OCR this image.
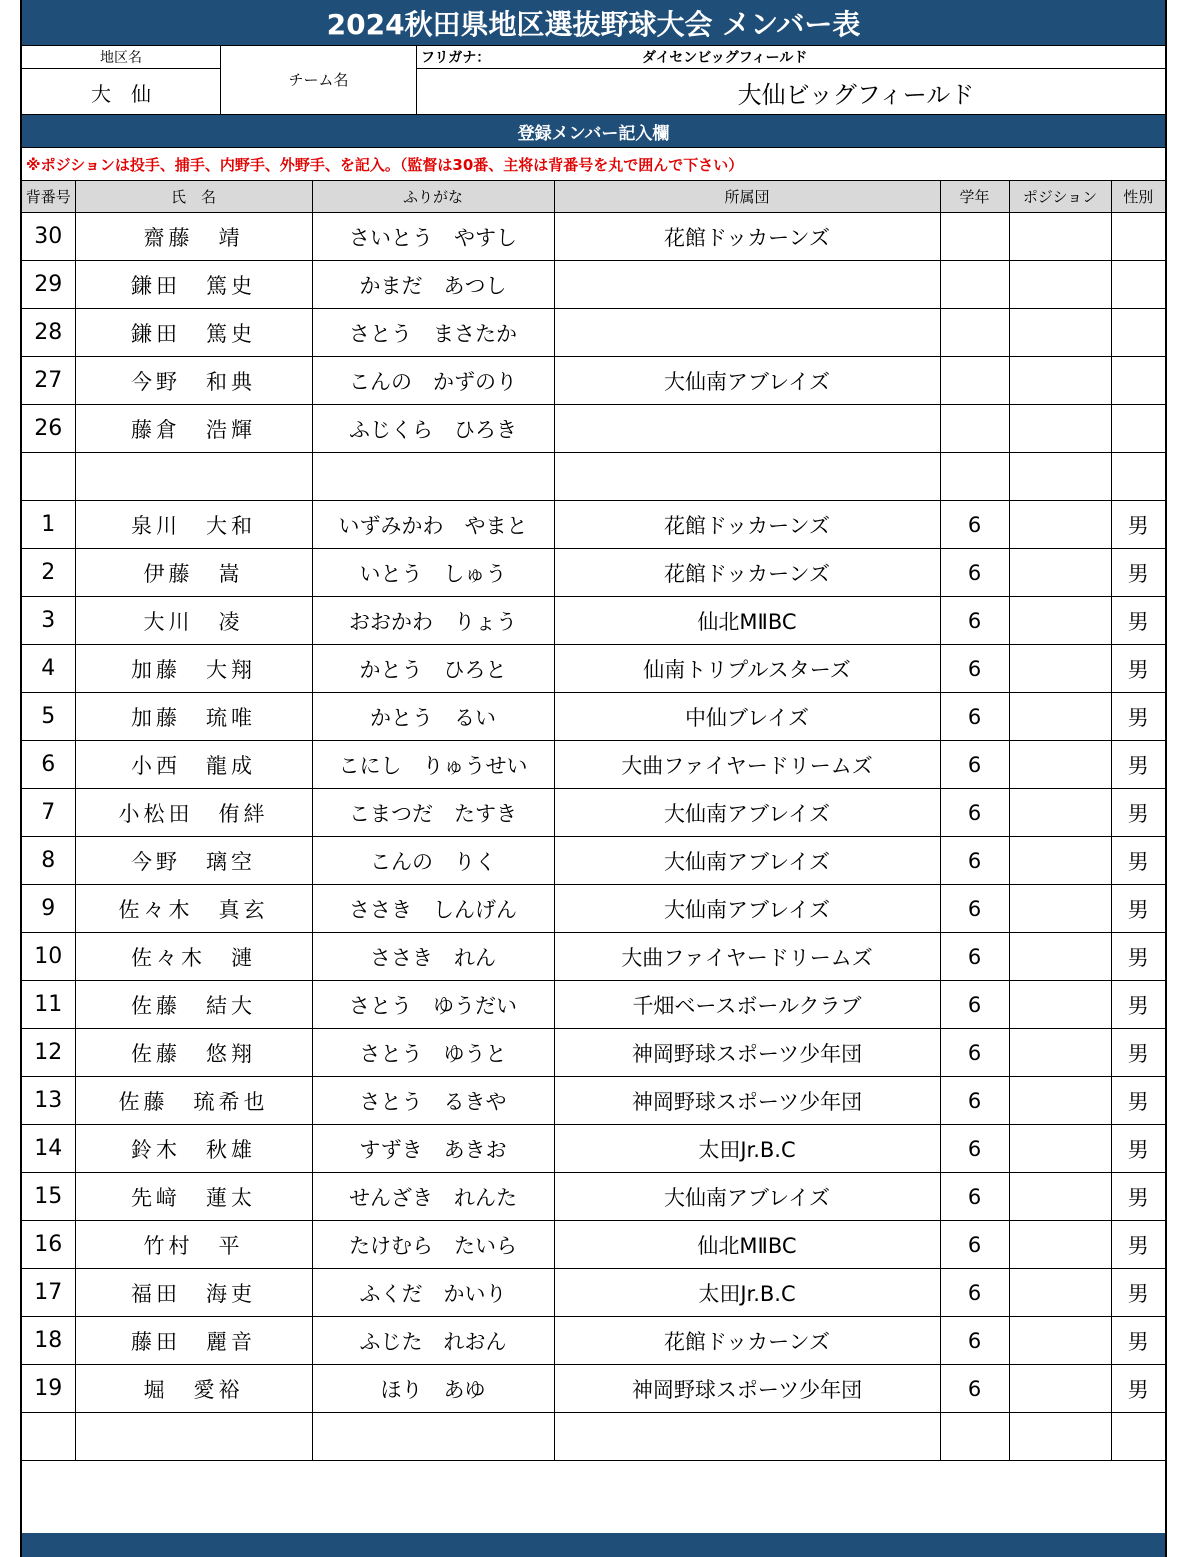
2024秋田県地区選抜野球大会 メンバー表
地区名
大　仙
チーム名
フリガナ：	ダイセンビッグフィールド
大仙ビッグフィールド
登録メンバー記入欄
※ポジションは投手、捕手、内野手、外野手、を記入。（監督は30番、主将は背番号を丸で囲んで下さい）
背番号	氏　名	ふりがな	所属団	学年	ポジション	性別
30	齋藤　靖	さいとう　やすし	花館ドッカーンズ			
29	鎌田　篤史	かまだ　あつし				
28	鎌田　篤史	さとう　まさたか				
27	今野　和典	こんの　かずのり	大仙南アブレイズ			
26	藤倉　浩輝	ふじくら　ひろき				

1	泉川　大和	いずみかわ　やまと	花館ドッカーンズ	6		男
2	伊藤　嵩	いとう　しゅう	花館ドッカーンズ	6		男
3	大川　凌	おおかわ　りょう	仙北MⅡBC	6		男
4	加藤　大翔	かとう　ひろと	仙南トリプルスターズ	6		男
5	加藤　琉唯	かとう　るい	中仙ブレイズ	6		男
6	小西　龍成	こにし　りゅうせい	大曲ファイヤードリームズ	6		男
7	小松田　侑絆	こまつだ　たすき	大仙南アブレイズ	6		男
8	今野　璃空	こんの　りく	大仙南アブレイズ	6		男
9	佐々木　真玄	ささき　しんげん	大仙南アブレイズ	6		男
10	佐々木　漣	ささき　れん	大曲ファイヤードリームズ	6		男
11	佐藤　結大	さとう　ゆうだい	千畑ベースボールクラブ	6		男
12	佐藤　悠翔	さとう　ゆうと	神岡野球スポーツ少年団	6		男
13	佐藤　琉希也	さとう　るきや	神岡野球スポーツ少年団	6		男
14	鈴木　秋雄	すずき　あきお	太田Jr.B.C	6		男
15	先﨑　蓮太	せんざき　れんた	大仙南アブレイズ	6		男
16	竹村　平	たけむら　たいら	仙北MⅡBC	6		男
17	福田　海吏	ふくだ　かいり	太田Jr.B.C	6		男
18	藤田　麗音	ふじた　れおん	花館ドッカーンズ	6		男
19	堀　愛裕	ほり　あゆ	神岡野球スポーツ少年団	6		男
